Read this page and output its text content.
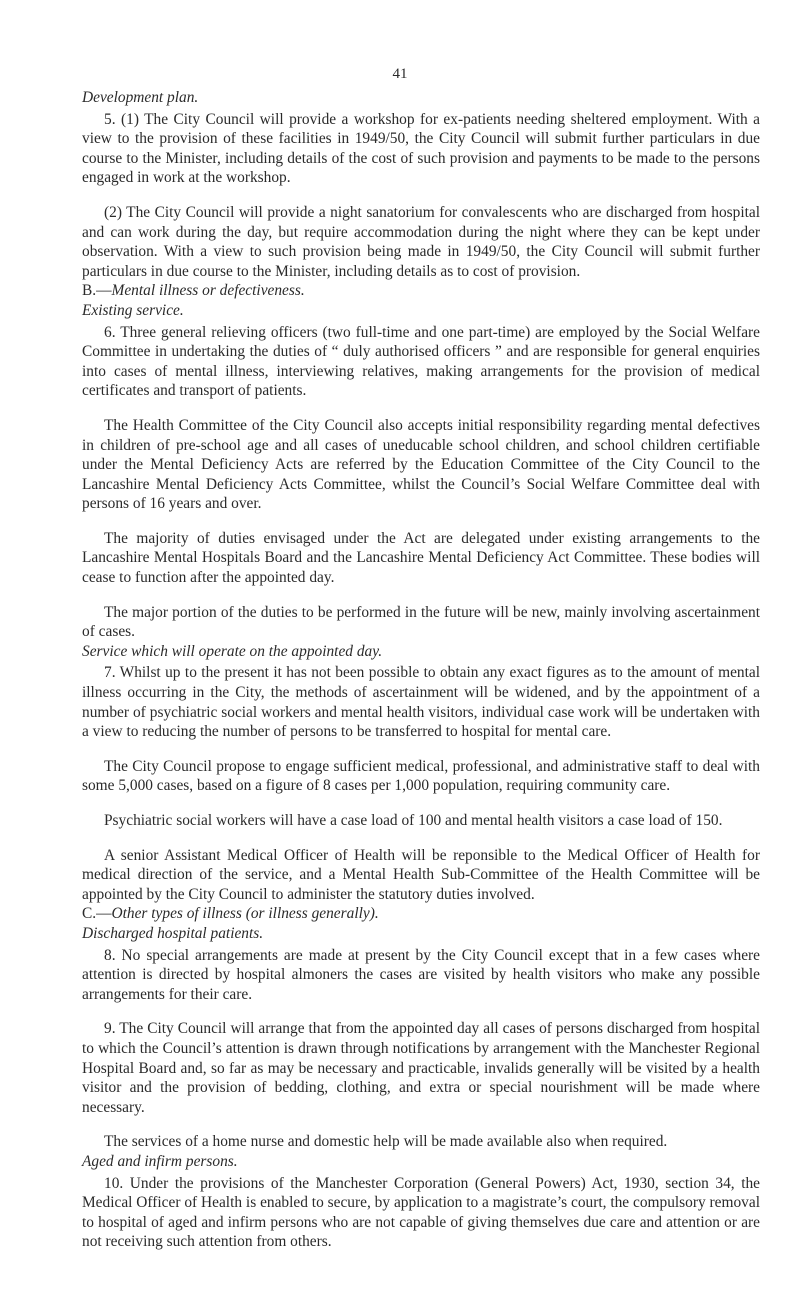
41
Development plan.

5. (1) The City Council will provide a workshop for ex-patients needing sheltered employment. With a view to the provision of these facilities in 1949/50, the City Council will submit further particulars in due course to the Minister, including details of the cost of such provision and payments to be made to the persons engaged in work at the workshop.

(2) The City Council will provide a night sanatorium for convalescents who are discharged from hospital and can work during the day, but require accommodation during the night where they can be kept under observation. With a view to such provision being made in 1949/50, the City Council will submit further particulars in due course to the Minister, including details as to cost of provision.

B.—Mental illness or defectiveness.
Existing service.

6. Three general relieving officers (two full-time and one part-time) are employed by the Social Welfare Committee in undertaking the duties of “ duly authorised officers ” and are responsible for general enquiries into cases of mental illness, interviewing relatives, making arrangements for the provision of medical certificates and transport of patients.

The Health Committee of the City Council also accepts initial responsibility regarding mental defectives in children of pre-school age and all cases of uneducable school children, and school children certifiable under the Mental Deficiency Acts are referred by the Education Committee of the City Council to the Lancashire Mental Deficiency Acts Committee, whilst the Council’s Social Welfare Committee deal with persons of 16 years and over.

The majority of duties envisaged under the Act are delegated under existing arrangements to the Lancashire Mental Hospitals Board and the Lancashire Mental Deficiency Act Committee. These bodies will cease to function after the appointed day.

The major portion of the duties to be performed in the future will be new, mainly involving ascertainment of cases.

Service which will operate on the appointed day.

7. Whilst up to the present it has not been possible to obtain any exact figures as to the amount of mental illness occurring in the City, the methods of ascertainment will be widened, and by the appointment of a number of psychiatric social workers and mental health visitors, individual case work will be undertaken with a view to reducing the number of persons to be transferred to hospital for mental care.

The City Council propose to engage sufficient medical, professional, and administrative staff to deal with some 5,000 cases, based on a figure of 8 cases per 1,000 population, requiring community care.

Psychiatric social workers will have a case load of 100 and mental health visitors a case load of 150.

A senior Assistant Medical Officer of Health will be reponsible to the Medical Officer of Health for medical direction of the service, and a Mental Health Sub-Committee of the Health Committee will be appointed by the City Council to administer the statutory duties involved.

C.—Other types of illness (or illness generally).
Discharged hospital patients.

8. No special arrangements are made at present by the City Council except that in a few cases where attention is directed by hospital almoners the cases are visited by health visitors who make any possible arrangements for their care.

9. The City Council will arrange that from the appointed day all cases of persons discharged from hospital to which the Council’s attention is drawn through notifications by arrangement with the Manchester Regional Hospital Board and, so far as may be necessary and practicable, invalids generally will be visited by a health visitor and the provision of bedding, clothing, and extra or special nourishment will be made where necessary.

The services of a home nurse and domestic help will be made available also when required.

Aged and infirm persons.

10. Under the provisions of the Manchester Corporation (General Powers) Act, 1930, section 34, the Medical Officer of Health is enabled to secure, by application to a magistrate’s court, the compulsory removal to hospital of aged and infirm persons who are not capable of giving themselves due care and attention or are not receiving such attention from others.
